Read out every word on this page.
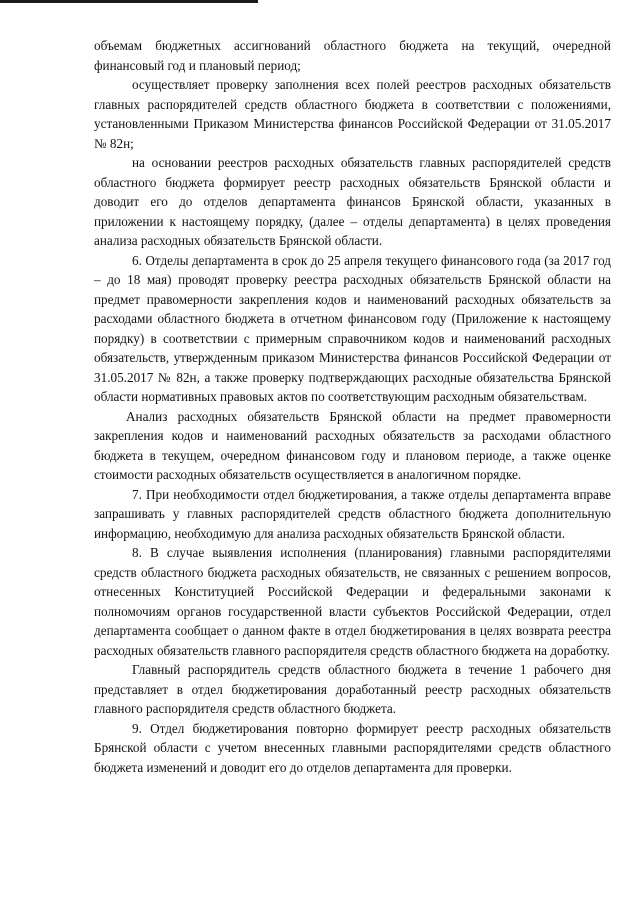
объемам бюджетных ассигнований областного бюджета на текущий, очередной финансовый год и плановый период;

осуществляет проверку заполнения всех полей реестров расходных обязательств главных распорядителей средств областного бюджета в соответствии с положениями, установленными Приказом Министерства финансов Российской Федерации от 31.05.2017 № 82н;

на основании реестров расходных обязательств главных распорядителей средств областного бюджета формирует реестр расходных обязательств Брянской области и доводит его до отделов департамента финансов Брянской области, указанных в приложении к настоящему порядку, (далее – отделы департамента) в целях проведения анализа расходных обязательств Брянской области.

6. Отделы департамента в срок до 25 апреля текущего финансового года (за 2017 год – до 18 мая) проводят проверку реестра расходных обязательств Брянской области на предмет правомерности закрепления кодов и наименований расходных обязательств за расходами областного бюджета в отчетном финансовом году (Приложение к настоящему порядку) в соответствии с примерным справочником кодов и наименований расходных обязательств, утвержденным приказом Министерства финансов Российской Федерации от 31.05.2017 № 82н, а также проверку подтверждающих расходные обязательства Брянской области нормативных правовых актов по соответствующим расходным обязательствам.

Анализ расходных обязательств Брянской области на предмет правомерности закрепления кодов и наименований расходных обязательств за расходами областного бюджета в текущем, очередном финансовом году и плановом периоде, а также оценке стоимости расходных обязательств осуществляется в аналогичном порядке.

7. При необходимости отдел бюджетирования, а также отделы департамента вправе запрашивать у главных распорядителей средств областного бюджета дополнительную информацию, необходимую для анализа расходных обязательств Брянской области.

8. В случае выявления исполнения (планирования) главными распорядителями средств областного бюджета расходных обязательств, не связанных с решением вопросов, отнесенных Конституцией Российской Федерации и федеральными законами к полномочиям органов государственной власти субъектов Российской Федерации, отдел департамента сообщает о данном факте в отдел бюджетирования в целях возврата реестра расходных обязательств главного распорядителя средств областного бюджета на доработку.

Главный распорядитель средств областного бюджета в течение 1 рабочего дня представляет в отдел бюджетирования доработанный реестр расходных обязательств главного распорядителя средств областного бюджета.

9. Отдел бюджетирования повторно формирует реестр расходных обязательств Брянской области с учетом внесенных главными распорядителями средств областного бюджета изменений и доводит его до отделов департамента для проверки.
